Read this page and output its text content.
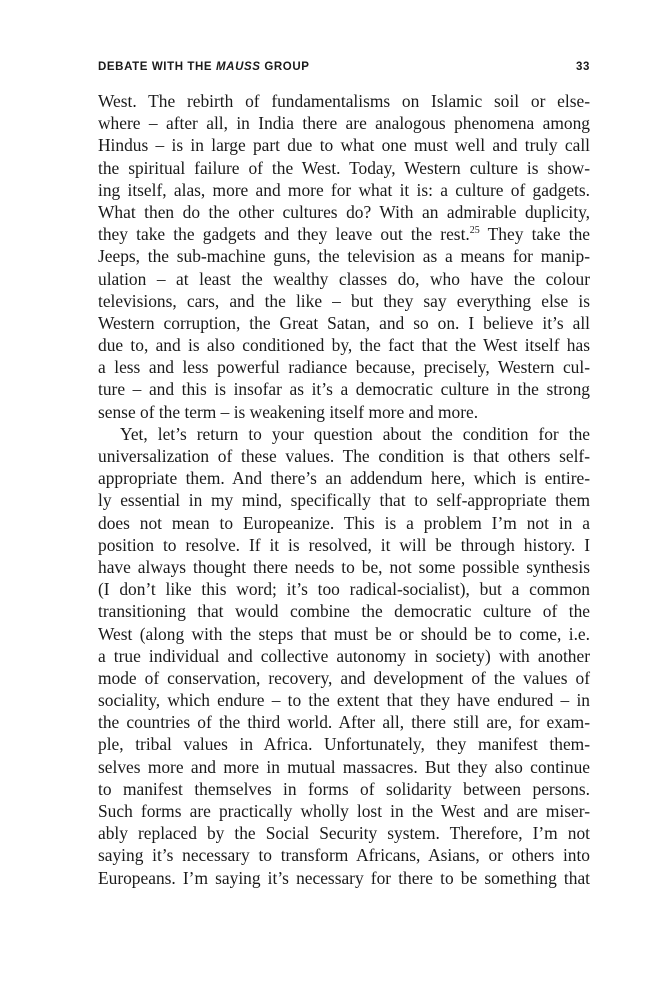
DEBATE WITH THE MAUSS GROUP	33
West. The rebirth of fundamentalisms on Islamic soil or else-
where – after all, in India there are analogous phenomena among
Hindus – is in large part due to what one must well and truly call
the spiritual failure of the West. Today, Western culture is show-
ing itself, alas, more and more for what it is: a culture of gadgets.
What then do the other cultures do? With an admirable duplicity,
they take the gadgets and they leave out the rest.$^{25}$ They take the
Jeeps, the sub-machine guns, the television as a means for manip-
ulation – at least the wealthy classes do, who have the colour
televisions, cars, and the like – but they say everything else is
Western corruption, the Great Satan, and so on. I believe it’s all
due to, and is also conditioned by, the fact that the West itself has
a less and less powerful radiance because, precisely, Western cul-
ture – and this is insofar as it’s a democratic culture in the strong
sense of the term – is weakening itself more and more.
Yet, let’s return to your question about the condition for the
universalization of these values. The condition is that others self-
appropriate them. And there’s an addendum here, which is entire-
ly essential in my mind, specifically that to self-appropriate them
does not mean to Europeanize. This is a problem I’m not in a
position to resolve. If it is resolved, it will be through history. I
have always thought there needs to be, not some possible synthesis
(I don’t like this word; it’s too radical-socialist), but a common
transitioning that would combine the democratic culture of the
West (along with the steps that must be or should be to come, i.e.
a true individual and collective autonomy in society) with another
mode of conservation, recovery, and development of the values of
sociality, which endure – to the extent that they have endured – in
the countries of the third world. After all, there still are, for exam-
ple, tribal values in Africa. Unfortunately, they manifest them-
selves more and more in mutual massacres. But they also continue
to manifest themselves in forms of solidarity between persons.
Such forms are practically wholly lost in the West and are miser-
ably replaced by the Social Security system. Therefore, I’m not
saying it’s necessary to transform Africans, Asians, or others into
Europeans. I’m saying it’s necessary for there to be something that
